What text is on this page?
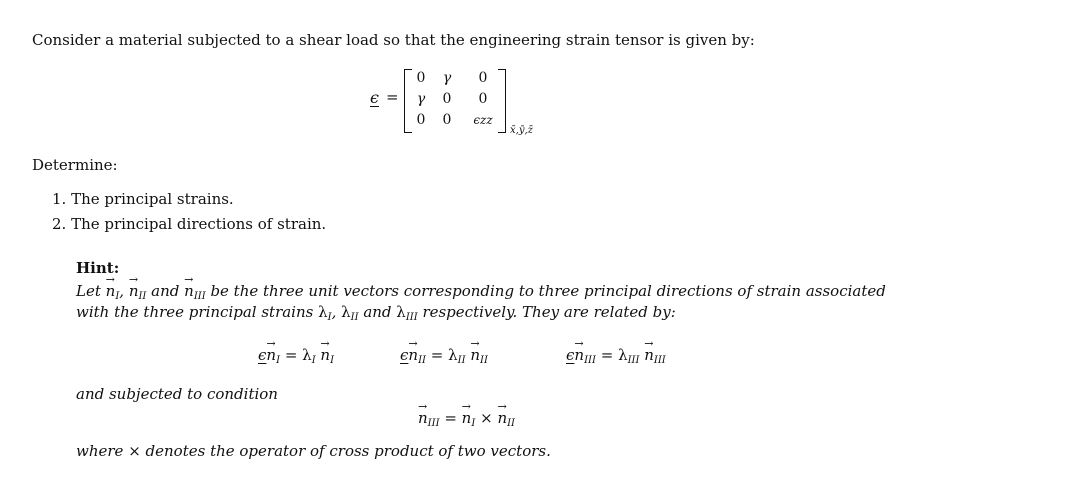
Consider a material subjected to a shear load so that the engineering strain tensor is given by:
ϵ =
0	γ	0
γ	0	0
0	0	ϵzz
x̄,ȳ,z̄
Determine:
1. The principal strains.
2. The principal directions of strain.
Hint:
Let → $n_I$, → $n_{II}$ and → $n_{III}$ be the three unit vectors corresponding to three principal directions of strain associated
with the three principal strains $\lambda_I$, $\lambda_{II}$ and $\lambda_{III}$ respectively. They are related by:
$\epsilon\to n_I = \lambda_I \to n_I$	$\epsilon\to n_{II} = \lambda_{II} \to n_{II}$	$\epsilon\to n_{III} = \lambda_{III} \to n_{III}$
and subjected to condition
→ $n_{III}$ = → $n_I$ × → $n_{II}$
where × denotes the operator of cross product of two vectors.
